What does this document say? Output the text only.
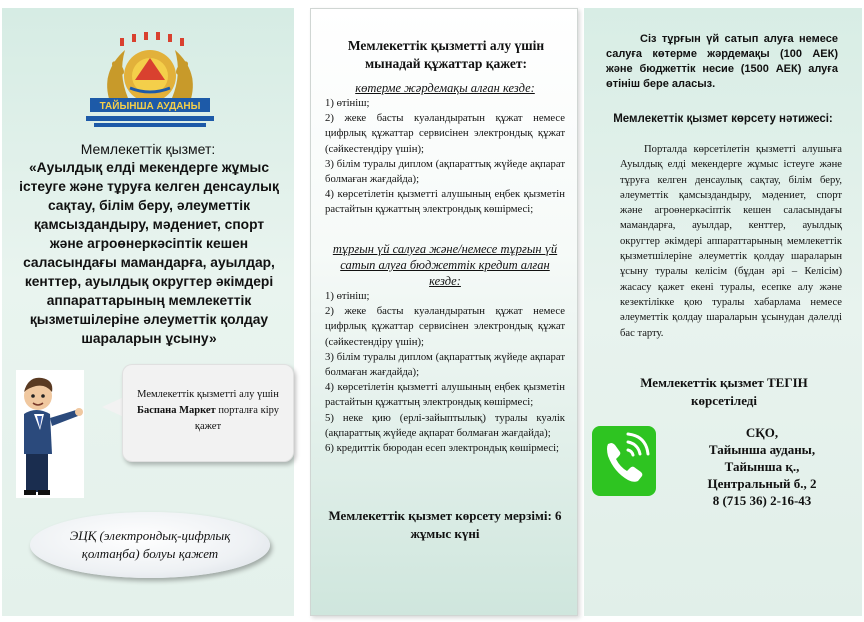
ТАЙЫНША АУДАНЫ
Мемлекеттік қызмет:
«Ауылдық елді мекендерге жұмыс істеуге және тұруға келген денсаулық сақтау, білім беру, әлеуметтік қамсыздандыру, мәдениет, спорт және агроөнеркәсіптік кешен саласындағы мамандарға, ауылдар, кенттер, ауылдық округтер әкімдері аппараттарының мемлекеттік қызметшілеріне әлеуметтік қолдау шараларын ұсыну»
Мемлекеттік қызметті алу үшін
Баспана Маркет порталға кіру қажет
ЭЦҚ (электрондық-цифрлық қолтаңба) болуы қажет
Мемлекеттік қызметті алу үшін мынадай құжаттар қажет:
көтерме жәрдемақы алған кезде:
1) өтініш;
2) жеке басты куәландыратын құжат немесе цифрлық құжаттар сервисінен электрондық құжат (сәйкестендіру үшін);
3) білім туралы диплом (ақпараттық жүйеде ақпарат болмаған жағдайда);
4) көрсетілетін қызметті алушының еңбек қызметін растайтын құжаттың электрондық көшірмесі;
тұрғын үй салуға және/немесе тұрғын үй сатып алуға бюджеттік кредит алған кезде:
1) өтініш;
2) жеке басты куәландыратын құжат немесе цифрлық құжаттар сервисінен электрондық құжат (сәйкестендіру үшін);
3) білім туралы диплом (ақпараттық жүйеде ақпарат болмаған жағдайда);
4) көрсетілетін қызметті алушының еңбек қызметін растайтын құжаттың электрондық көшірмесі;
5) неке қию (ерлі-зайыптылық) туралы куәлік (ақпараттық жүйеде ақпарат болмаған жағдайда);
6) кредиттік бюродан есеп электрондық көшірмесі;
Мемлекеттік қызмет көрсету мерзімі: 6 жұмыс күні
Сіз тұрғын үй сатып алуға немесе салуға көтерме жәрдемақы (100 АЕК) және бюджеттік несие (1500 АЕК) алуға өтініш бере аласыз.
Мемлекеттік қызмет көрсету нәтижесі:
Порталда көрсетілетін қызметті алушыға Ауылдық елді мекендерге жұмыс істеуге және тұруға келген денсаулық сақтау, білім беру, әлеуметтік қамсыздандыру, мәдениет, спорт және агроөнеркәсіптік кешен саласындағы мамандарға, ауылдар, кенттер, ауылдық округтер әкімдері аппараттарының мемлекеттік қызметшілеріне әлеуметтік қолдау шараларын ұсыну туралы келісім (бұдан әрі – Келісім) жасасу қажет екені туралы, есепке алу және кезектілікке қою туралы хабарлама немесе әлеуметтік қолдау шараларын ұсынудан дәлелді бас тарту.
Мемлекеттік қызмет ТЕГІН көрсетіледі
СҚО,
Тайынша ауданы,
Тайынша қ.,
Центральный б., 2
8 (715 36) 2-16-43
